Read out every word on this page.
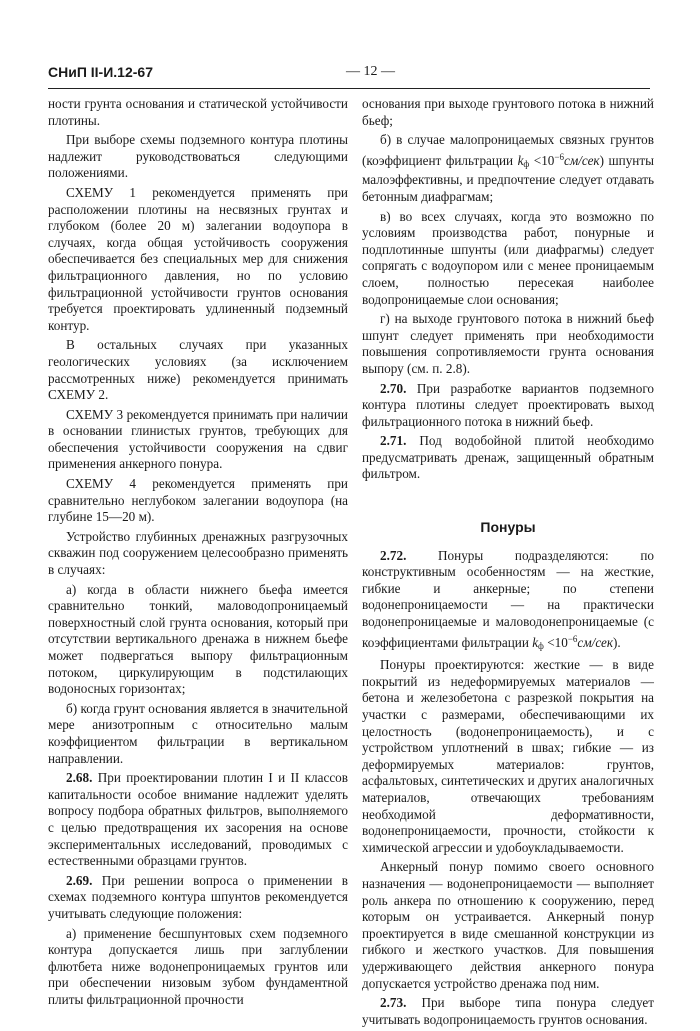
СНиП II-И.12-67	— 12 —

ности грунта основания и статической устойчивости плотины.

При выборе схемы подземного контура плотины надлежит руководствоваться следующими положениями.

СХЕМУ 1 рекомендуется применять при расположении плотины на несвязных грунтах и глубоком (более 20 м) залегании водоупора в случаях, когда общая устойчивость сооружения обеспечивается без специальных мер для снижения фильтрационного давления, но по условию фильтрационной устойчивости грунтов основания требуется проектировать удлиненный подземный контур.

В остальных случаях при указанных геологических условиях (за исключением рассмотренных ниже) рекомендуется принимать СХЕМУ 2.

СХЕМУ 3 рекомендуется принимать при наличии в основании глинистых грунтов, требующих для обеспечения устойчивости сооружения на сдвиг применения анкерного понура.

СХЕМУ 4 рекомендуется применять при сравнительно неглубоком залегании водоупора (на глубине 15—20 м).

Устройство глубинных дренажных разгрузочных скважин под сооружением целесообразно применять в случаях:

а) когда в области нижнего бьефа имеется сравнительно тонкий, маловодопроницаемый поверхностный слой грунта основания, который при отсутствии вертикального дренажа в нижнем бьефе может подвергаться выпору фильтрационным потоком, циркулирующим в подстилающих водоносных горизонтах;

б) когда грунт основания является в значительной мере анизотропным с относительно малым коэффициентом фильтрации в вертикальном направлении.

2.68. При проектировании плотин I и II классов капитальности особое внимание надлежит уделять вопросу подбора обратных фильтров, выполняемого с целью предотвращения их засорения на основе экспериментальных исследований, проводимых с естественными образцами грунтов.

2.69. При решении вопроса о применении в схемах подземного контура шпунтов рекомендуется учитывать следующие положения:

а) применение бесшпунтовых схем подземного контура допускается лишь при заглублении флютбета ниже водонепроницаемых грунтов или при обеспечении низовым зубом фундаментной плиты фильтрационной прочности

основания при выходе грунтового потока в нижний бьеф;

б) в случае малопроницаемых связных грунтов (коэффициент фильтрации $k_ф <10^{-6}см/сек$) шпунты малоэффективны, и предпочтение следует отдавать бетонным диафрагмам;

в) во всех случаях, когда это возможно по условиям производства работ, понурные и подплотинные шпунты (или диафрагмы) следует сопрягать с водоупором или с менее проницаемым слоем, полностью пересекая наиболее водопроницаемые слои основания;

г) на выходе грунтового потока в нижний бьеф шпунт следует применять при необходимости повышения сопротивляемости грунта основания выпору (см. п. 2.8).

2.70. При разработке вариантов подземного контура плотины следует проектировать выход фильтрационного потока в нижний бьеф.

2.71. Под водобойной плитой необходимо предусматривать дренаж, защищенный обратным фильтром.

Понуры

2.72. Понуры подразделяются: по конструктивным особенностям — на жесткие, гибкие и анкерные; по степени водонепроницаемости — на практически водонепроницаемые и маловодонепроницаемые (с коэффициентами фильтрации $k_ф <10^{-6}см/сек$).

Понуры проектируются: жесткие — в виде покрытий из недеформируемых материалов — бетона и железобетона с разрезкой покрытия на участки с размерами, обеспечивающими их целостность (водонепроницаемость), и с устройством уплотнений в швах; гибкие — из деформируемых материалов: грунтов, асфальтовых, синтетических и других аналогичных материалов, отвечающих требованиям необходимой деформативности, водонепроницаемости, прочности, стойкости к химической агрессии и удобоукладываемости.

Анкерный понур помимо своего основного назначения — водонепроницаемости — выполняет роль анкера по отношению к сооружению, перед которым он устраивается. Анкерный понур проектируется в виде смешанной конструкции из гибкого и жесткого участков. Для повышения удерживающего действия анкерного понура допускается устройство дренажа под ним.

2.73. При выборе типа понура следует учитывать водопроницаемость грунтов основания.
